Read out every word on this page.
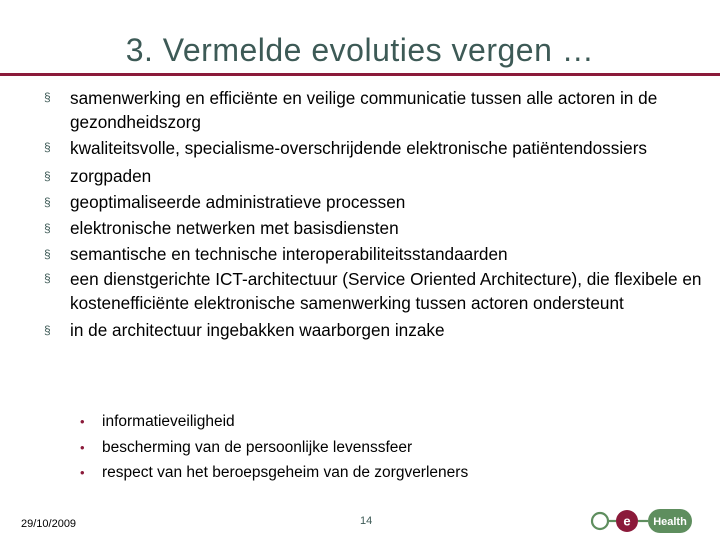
3. Vermelde evoluties vergen …
§ samenwerking en efficiënte en veilige communicatie tussen alle actoren in de gezondheidszorg
§ kwaliteitsvolle, specialisme-overschrijdende elektronische patiëntendossiers
§ zorgpaden
§ geoptimaliseerde administratieve processen
§ elektronische netwerken met basisdiensten
§ semantische en technische interoperabiliteitsstandaarden
§ een dienstgerichte ICT-architectuur (Service Oriented Architecture), die flexibele en kostenefficiënte elektronische samenwerking tussen actoren ondersteunt
§ in de architectuur ingebakken waarborgen inzake
• informatieveiligheid
• bescherming van de persoonlijke levenssfeer
• respect van het beroepsgeheim van de zorgverleners
29/10/2009	14	e Health
